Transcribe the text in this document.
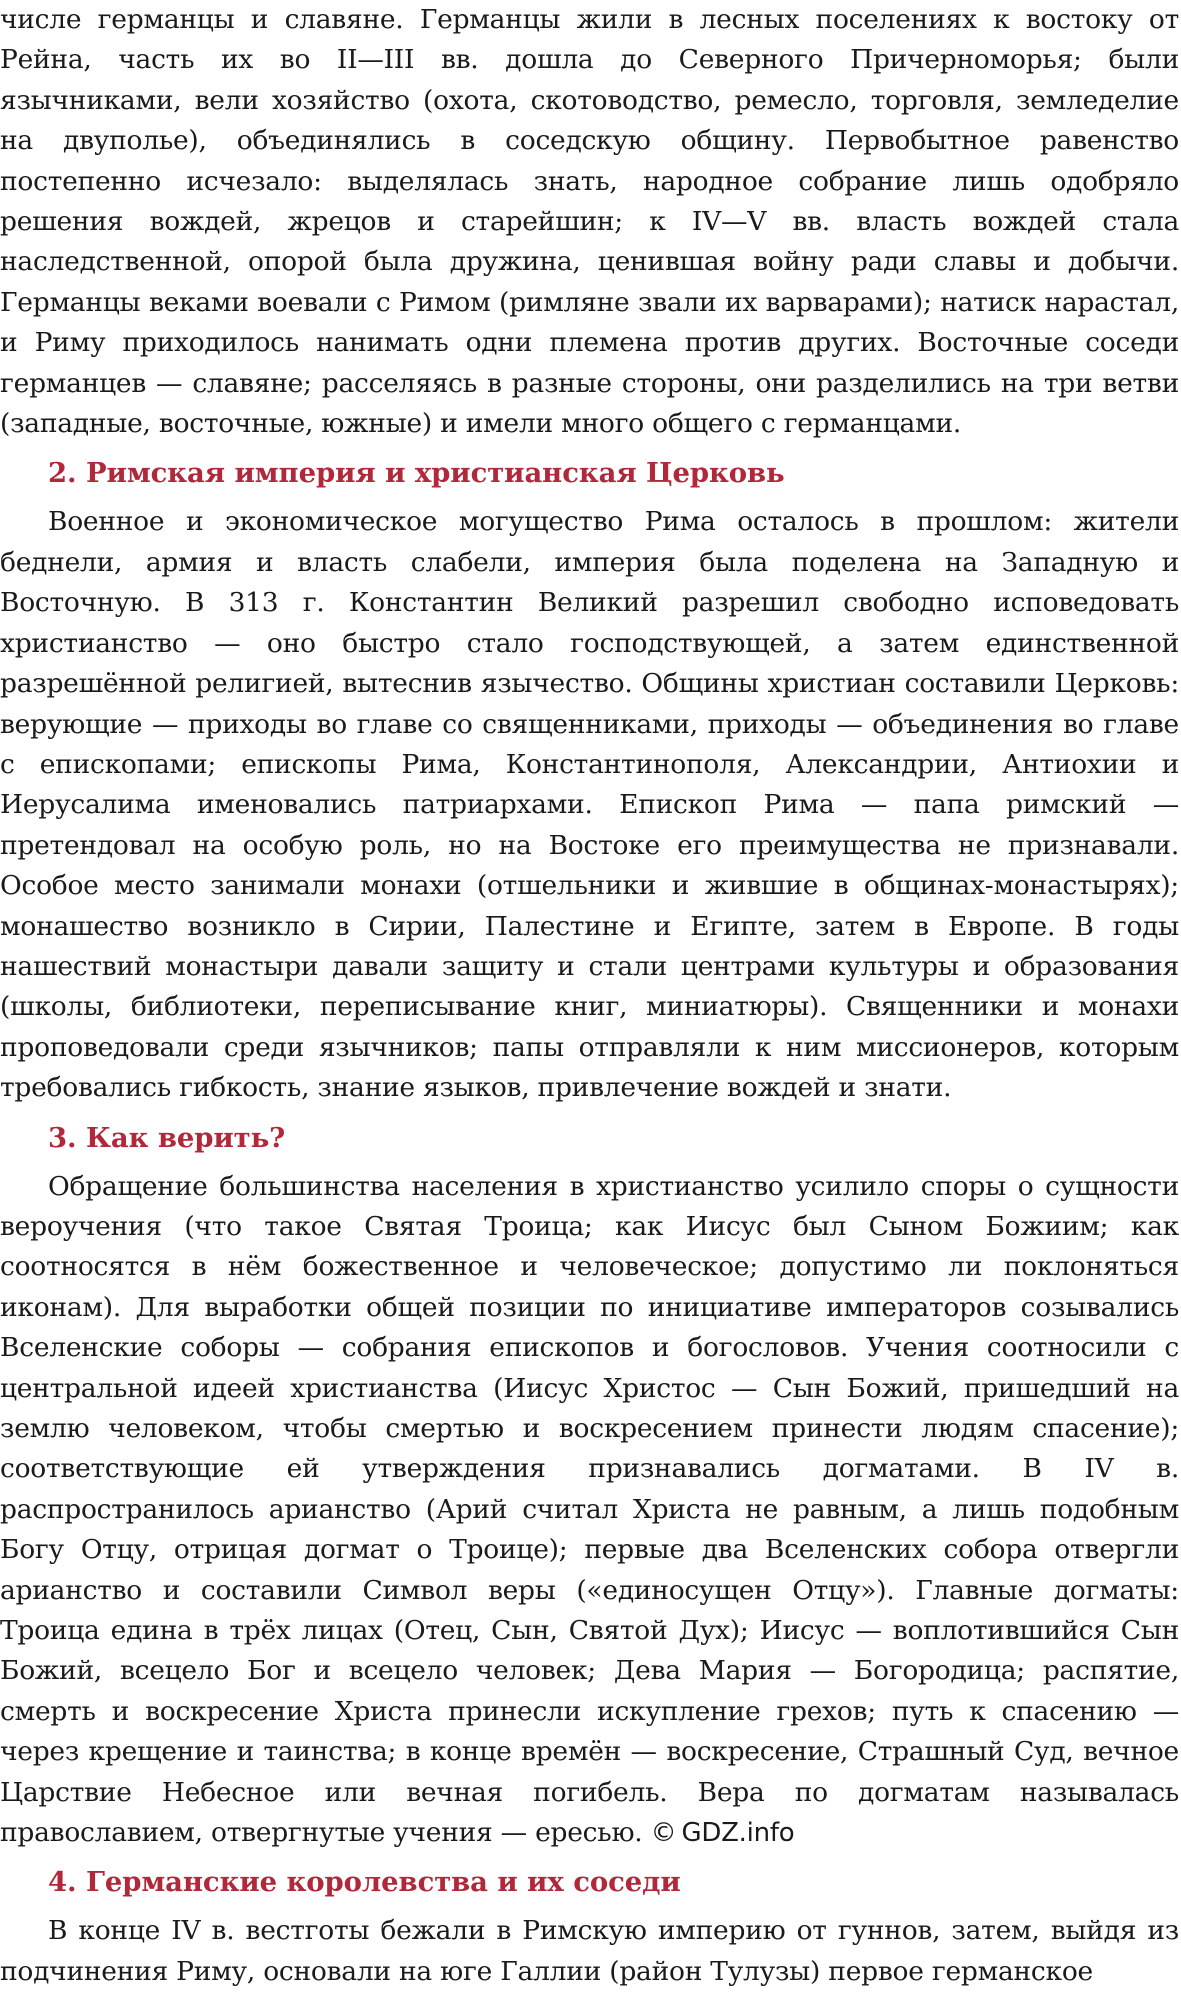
числе германцы и славяне. Германцы жили в лесных поселениях к востоку от Рейна, часть их во II—III вв. дошла до Северного Причерноморья; были язычниками, вели хозяйство (охота, скотоводство, ремесло, торговля, земледелие на двуполье), объединялись в соседскую общину. Первобытное равенство постепенно исчезало: выделялась знать, народное собрание лишь одобряло решения вождей, жрецов и старейшин; к IV—V вв. власть вождей стала наследственной, опорой была дружина, ценившая войну ради славы и добычи. Германцы веками воевали с Римом (римляне звали их варварами); натиск нарастал, и Риму приходилось нанимать одни племена против других. Восточные соседи германцев — славяне; расселяясь в разные стороны, они разделились на три ветви (западные, восточные, южные) и имели много общего с германцами.

2. Римская империя и христианская Церковь

Военное и экономическое могущество Рима осталось в прошлом: жители беднели, армия и власть слабели, империя была поделена на Западную и Восточную. В 313 г. Константин Великий разрешил свободно исповедовать христианство — оно быстро стало господствующей, а затем единственной разрешённой религией, вытеснив язычество. Общины христиан составили Церковь: верующие — приходы во главе со священниками, приходы — объединения во главе с епископами; епископы Рима, Константинополя, Александрии, Антиохии и Иерусалима именовались патриархами. Епископ Рима — папа римский — претендовал на особую роль, но на Востоке его преимущества не признавали. Особое место занимали монахи (отшельники и жившие в общинах-монастырях); монашество возникло в Сирии, Палестине и Египте, затем в Европе. В годы нашествий монастыри давали защиту и стали центрами культуры и образования (школы, библиотеки, переписывание книг, миниатюры). Священники и монахи проповедовали среди язычников; папы отправляли к ним миссионеров, которым требовались гибкость, знание языков, привлечение вождей и знати.

3. Как верить?

Обращение большинства населения в христианство усилило споры о сущности вероучения (что такое Святая Троица; как Иисус был Сыном Божиим; как соотносятся в нём божественное и человеческое; допустимо ли поклоняться иконам). Для выработки общей позиции по инициативе императоров созывались Вселенские соборы — собрания епископов и богословов. Учения соотносили с центральной идеей христианства (Иисус Христос — Сын Божий, пришедший на землю человеком, чтобы смертью и воскресением принести людям спасение); соответствующие ей утверждения признавались догматами. В IV в. распространилось арианство (Арий считал Христа не равным, а лишь подобным Богу Отцу, отрицая догмат о Троице); первые два Вселенских собора отвергли арианство и составили Символ веры («единосущен Отцу»). Главные догматы: Троица едина в трёх лицах (Отец, Сын, Святой Дух); Иисус — воплотившийся Сын Божий, всецело Бог и всецело человек; Дева Мария — Богородица; распятие, смерть и воскресение Христа принесли искупление грехов; путь к спасению — через крещение и таинства; в конце времён — воскресение, Страшный Суд, вечное Царствие Небесное или вечная погибель. Вера по догматам называлась православием, отвергнутые учения — ересью. ©  GDZ.info

4. Германские королевства и их соседи

В конце IV в. вестготы бежали в Римскую империю от гуннов, затем, выйдя из подчинения Риму, основали на юге Галлии (район Тулузы) первое германское
